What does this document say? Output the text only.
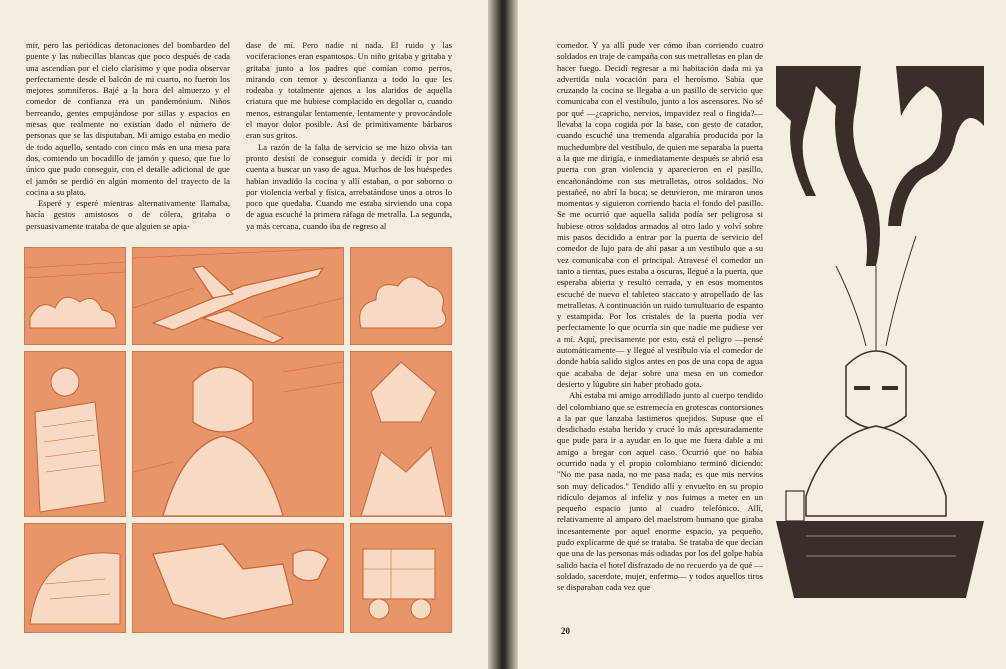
mir, pero las periódicas detonaciones del bombardeo del puente y las nubecillas blancas que poco después de cada una ascendían por el cielo clarísimo y que podía observar perfectamente desde el balcón de mi cuarto, no fueron los mejores somníferos. Bajé a la hora del almuerzo y el comedor de confianza era un pandemónium. Niños berreando, gentes empujándose por sillas y espacios en mesas que realmente no existían dado el número de personas que se las disputaban. Mi amigo estaba en medio de todo aquello, sentado con cinco más en una mesa para dos, comiendo un bocadillo de jamón y queso, que fue lo único que pudo conseguir, con el detalle adicional de que el jamón se perdió en algún momento del trayecto de la cocina a su plato.

Esperé y esperé mientras alternativamente llamaba, hacía gestos amistosos o de cólera, gritaba o persuasivamente trataba de que alguien se apia-

dase de mí. Pero nadie ni nada. El ruido y las vociferaciones eran espantosos. Un niño gritaba y gritaba y gritaba junto a los padres que comían como perros, mirando con temor y desconfianza a todo lo que les rodeaba y totalmente ajenos a los alaridos de aquella criatura que me hubiese complacido en degollar o, cuando menos, estrangular lentamente, lentamente y provocándole el mayor dolor posible. Así de primitivamente bárbaros eran sus gritos.

La razón de la falta de servicio se me hizo obvia tan pronto desistí de conseguir comida y decidí ir por mi cuenta a buscar un vaso de agua. Muchos de los huéspedes habían invadido la cocina y allí estaban, o por soborno o por violencia verbal y física, arrebatándose unos a otros lo poco que quedaba. Cuando me estaba sirviendo una copa de agua escuché la primera ráfaga de metralla. La segunda, ya más cercana, cuando iba de regreso al

comedor. Y ya allí pude ver cómo iban corriendo cuatro soldados en traje de campaña con sus metralletas en plan de hacer fuego. Decidí regresar a mi habitación dada mi ya advertida nula vocación para el heroísmo. Sabía que cruzando la cocina se llegaba a un pasillo de servicio que comunicaba con el vestíbulo, junto a los ascensores. No sé por qué —¿capricho, nervios, impavidez real o fingida?— llevaba la copa cogida por la base, con gesto de catador, cuando escuché una tremenda algarabía producida por la muchedumbre del vestíbulo, de quien me separaba la puerta a la que me dirigía, e inmediatamente después se abrió esa puerta con gran violencia y aparecieron en el pasillo, encañonándome con sus metralletas, otros soldados. No pestañeé, no abrí la boca; se detuvieron, me miraron unos momentos y siguieron corriendo hacia el fondo del pasillo. Se me ocurrió que aquella salida podía ser peligrosa si hubiese otros soldados armados al otro lado y volví sobre mis pasos decidido a entrar por la puerta de servicio del comedor de lujo para de ahí pasar a un vestíbulo que a su vez comunicaba con el principal. Atravesé el comedor un tanto a tientas, pues estaba a oscuras, llegué a la puerta, que esperaba abierta y resultó cerrada, y en esos momentos escuché de nuevo el tableteo staccato y atropellado de las metralletas. A continuación un ruido tumultuario de espanto y estampida. Por los cristales de la puerta podía ver perfectamente lo que ocurría sin que nadie me pudiese ver a mí. Aquí, precisamente por esto, está el peligro —pensé automáticamente— y llegué al vestíbulo vía el comedor de donde había salido siglos antes en pos de una copa de agua que acababa de dejar sobre una mesa en un comedor desierto y lúgubre sin haber probado gota.

Ahí estaba mi amigo arrodillado junto al cuerpo tendido del colombiano que se estremecía en grotescas contorsiones a la par que lanzaba lastimeros quejidos. Supuse que el desdichado estaba herido y crucé lo más apresuradamente que pude para ir a ayudar en lo que me fuera dable a mi amigo a bregar con aquel caso. Ocurrió que no había ocurrido nada y el propio colombiano terminó diciendo: "No me pasa nada, no me pasa nada; es que mis nervios son muy delicados." Tendido allí y envuelto en su propio ridículo dejamos al infeliz y nos fuimos a meter en un pequeño espacio junto al cuadro telefónico. Allí, relativamente al amparo del maelstrom humano que giraba incesantemente por aquel enorme espacio, ya pequeño, pudo explicarme de qué se trataba. Se trataba de que decían que una de las personas más odiadas por los del golpe había salido hacia el hotel disfrazado de no recuerdo ya de qué —soldado, sacerdote, mujer, enfermo— y todos aquellos tiros se disparaban cada vez que

20
